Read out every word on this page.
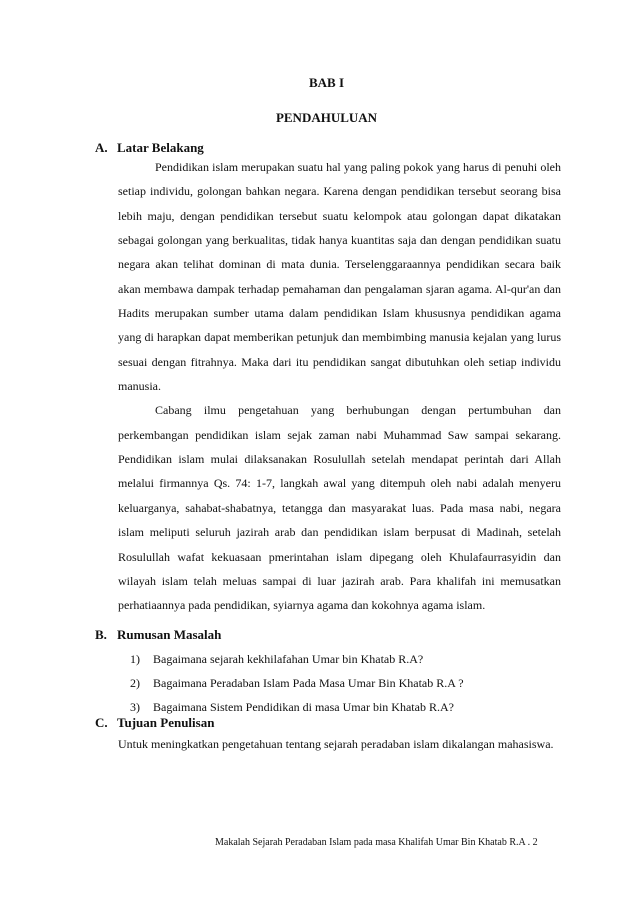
BAB I
PENDAHULUAN
A. Latar Belakang

Pendidikan islam merupakan suatu hal yang paling pokok yang harus di penuhi oleh setiap individu, golongan bahkan negara. Karena dengan pendidikan tersebut seorang bisa lebih maju, dengan pendidikan tersebut suatu kelompok atau golongan dapat dikatakan sebagai golongan yang berkualitas, tidak hanya kuantitas saja dan dengan pendidikan suatu negara akan telihat dominan di mata dunia. Terselenggaraannya pendidikan secara baik akan membawa dampak terhadap pemahaman dan pengalaman sjaran agama. Al-qur'an dan Hadits merupakan sumber utama dalam pendidikan Islam khususnya pendidikan agama yang di harapkan dapat memberikan petunjuk dan membimbing manusia kejalan yang lurus sesuai dengan fitrahnya. Maka dari itu pendidikan sangat dibutuhkan oleh setiap individu manusia.

Cabang ilmu pengetahuan yang berhubungan dengan pertumbuhan dan perkembangan pendidikan islam sejak zaman nabi Muhammad Saw sampai sekarang. Pendidikan islam mulai dilaksanakan Rosulullah setelah mendapat perintah dari Allah melalui firmannya Qs. 74: 1-7, langkah awal yang ditempuh oleh nabi adalah menyeru keluarganya, sahabat-shabatnya, tetangga dan masyarakat luas. Pada masa nabi, negara islam meliputi seluruh jazirah arab dan pendidikan islam berpusat di Madinah, setelah Rosulullah wafat kekuasaan pmerintahan islam dipegang oleh Khulafaurrasyidin dan wilayah islam telah meluas sampai di luar jazirah arab. Para khalifah ini memusatkan perhatiaannya pada pendidikan, syiarnya agama dan kokohnya agama islam.

B. Rumusan Masalah
1) Bagaimana sejarah kekhilafahan Umar bin Khatab R.A?
2) Bagaimana Peradaban Islam Pada Masa Umar Bin Khatab R.A ?
3) Bagaimana Sistem Pendidikan di masa Umar bin Khatab R.A?
C. Tujuan Penulisan

Untuk meningkatkan pengetahuan tentang sejarah peradaban islam dikalangan mahasiswa.

Makalah Sejarah Peradaban Islam pada masa Khalifah Umar Bin Khatab R.A . 2
